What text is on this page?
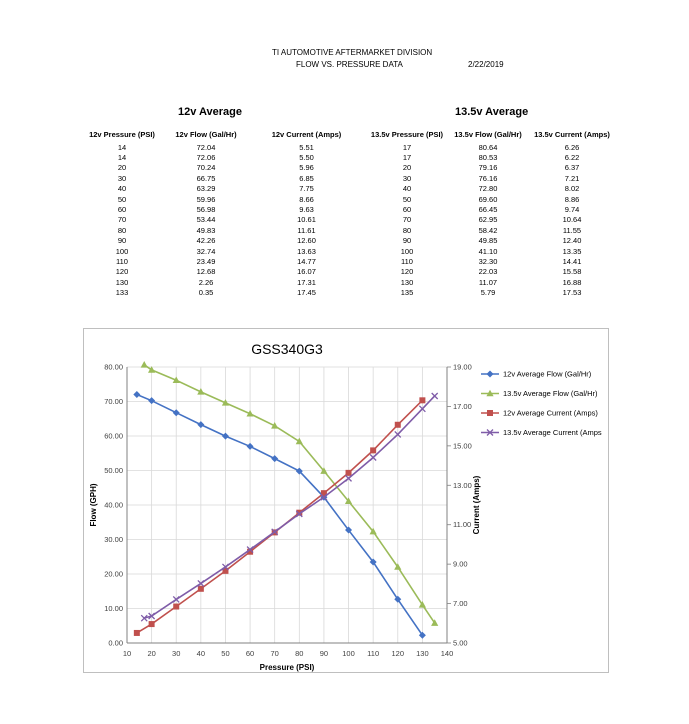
TI AUTOMOTIVE AFTERMARKET DIVISION
FLOW VS. PRESSURE DATA	2/22/2019
12v Average	13.5v Average
12v Pressure (PSI)	12v Flow (Gal/Hr)	12v Current (Amps)
14	72.04	5.51
14	72.06	5.50
20	70.24	5.96
30	66.75	6.85
40	63.29	7.75
50	59.96	8.66
60	56.98	9.63
70	53.44	10.61
80	49.83	11.61
90	42.26	12.60
100	32.74	13.63
110	23.49	14.77
120	12.68	16.07
130	2.26	17.31
133	0.35	17.45
13.5v Pressure (PSI)	13.5v Flow (Gal/Hr)	13.5v Current (Amps)
17	80.64	6.26
17	80.53	6.22
20	79.16	6.37
30	76.16	7.21
40	72.80	8.02
50	69.60	8.86
60	66.45	9.74
70	62.95	10.64
80	58.42	11.55
90	49.85	12.40
100	41.10	13.35
110	32.30	14.41
120	22.03	15.58
130	11.07	16.88
135	5.79	17.53
10 20 30 40 50 60 70 80 90 100 110 120 130 140
0.00
10.00
20.00
30.00
40.00
50.00
60.00
70.00
80.00
5.00
7.00
9.00
11.00
13.00
15.00
17.00
19.00
GSS340G3
Pressure (PSI)
Flow (GPH)	Current (Amps)
12v Average Flow (Gal/Hr)
13.5v Average Flow (Gal/Hr)
12v Average Current (Amps)
13.5v Average Current (Amps
